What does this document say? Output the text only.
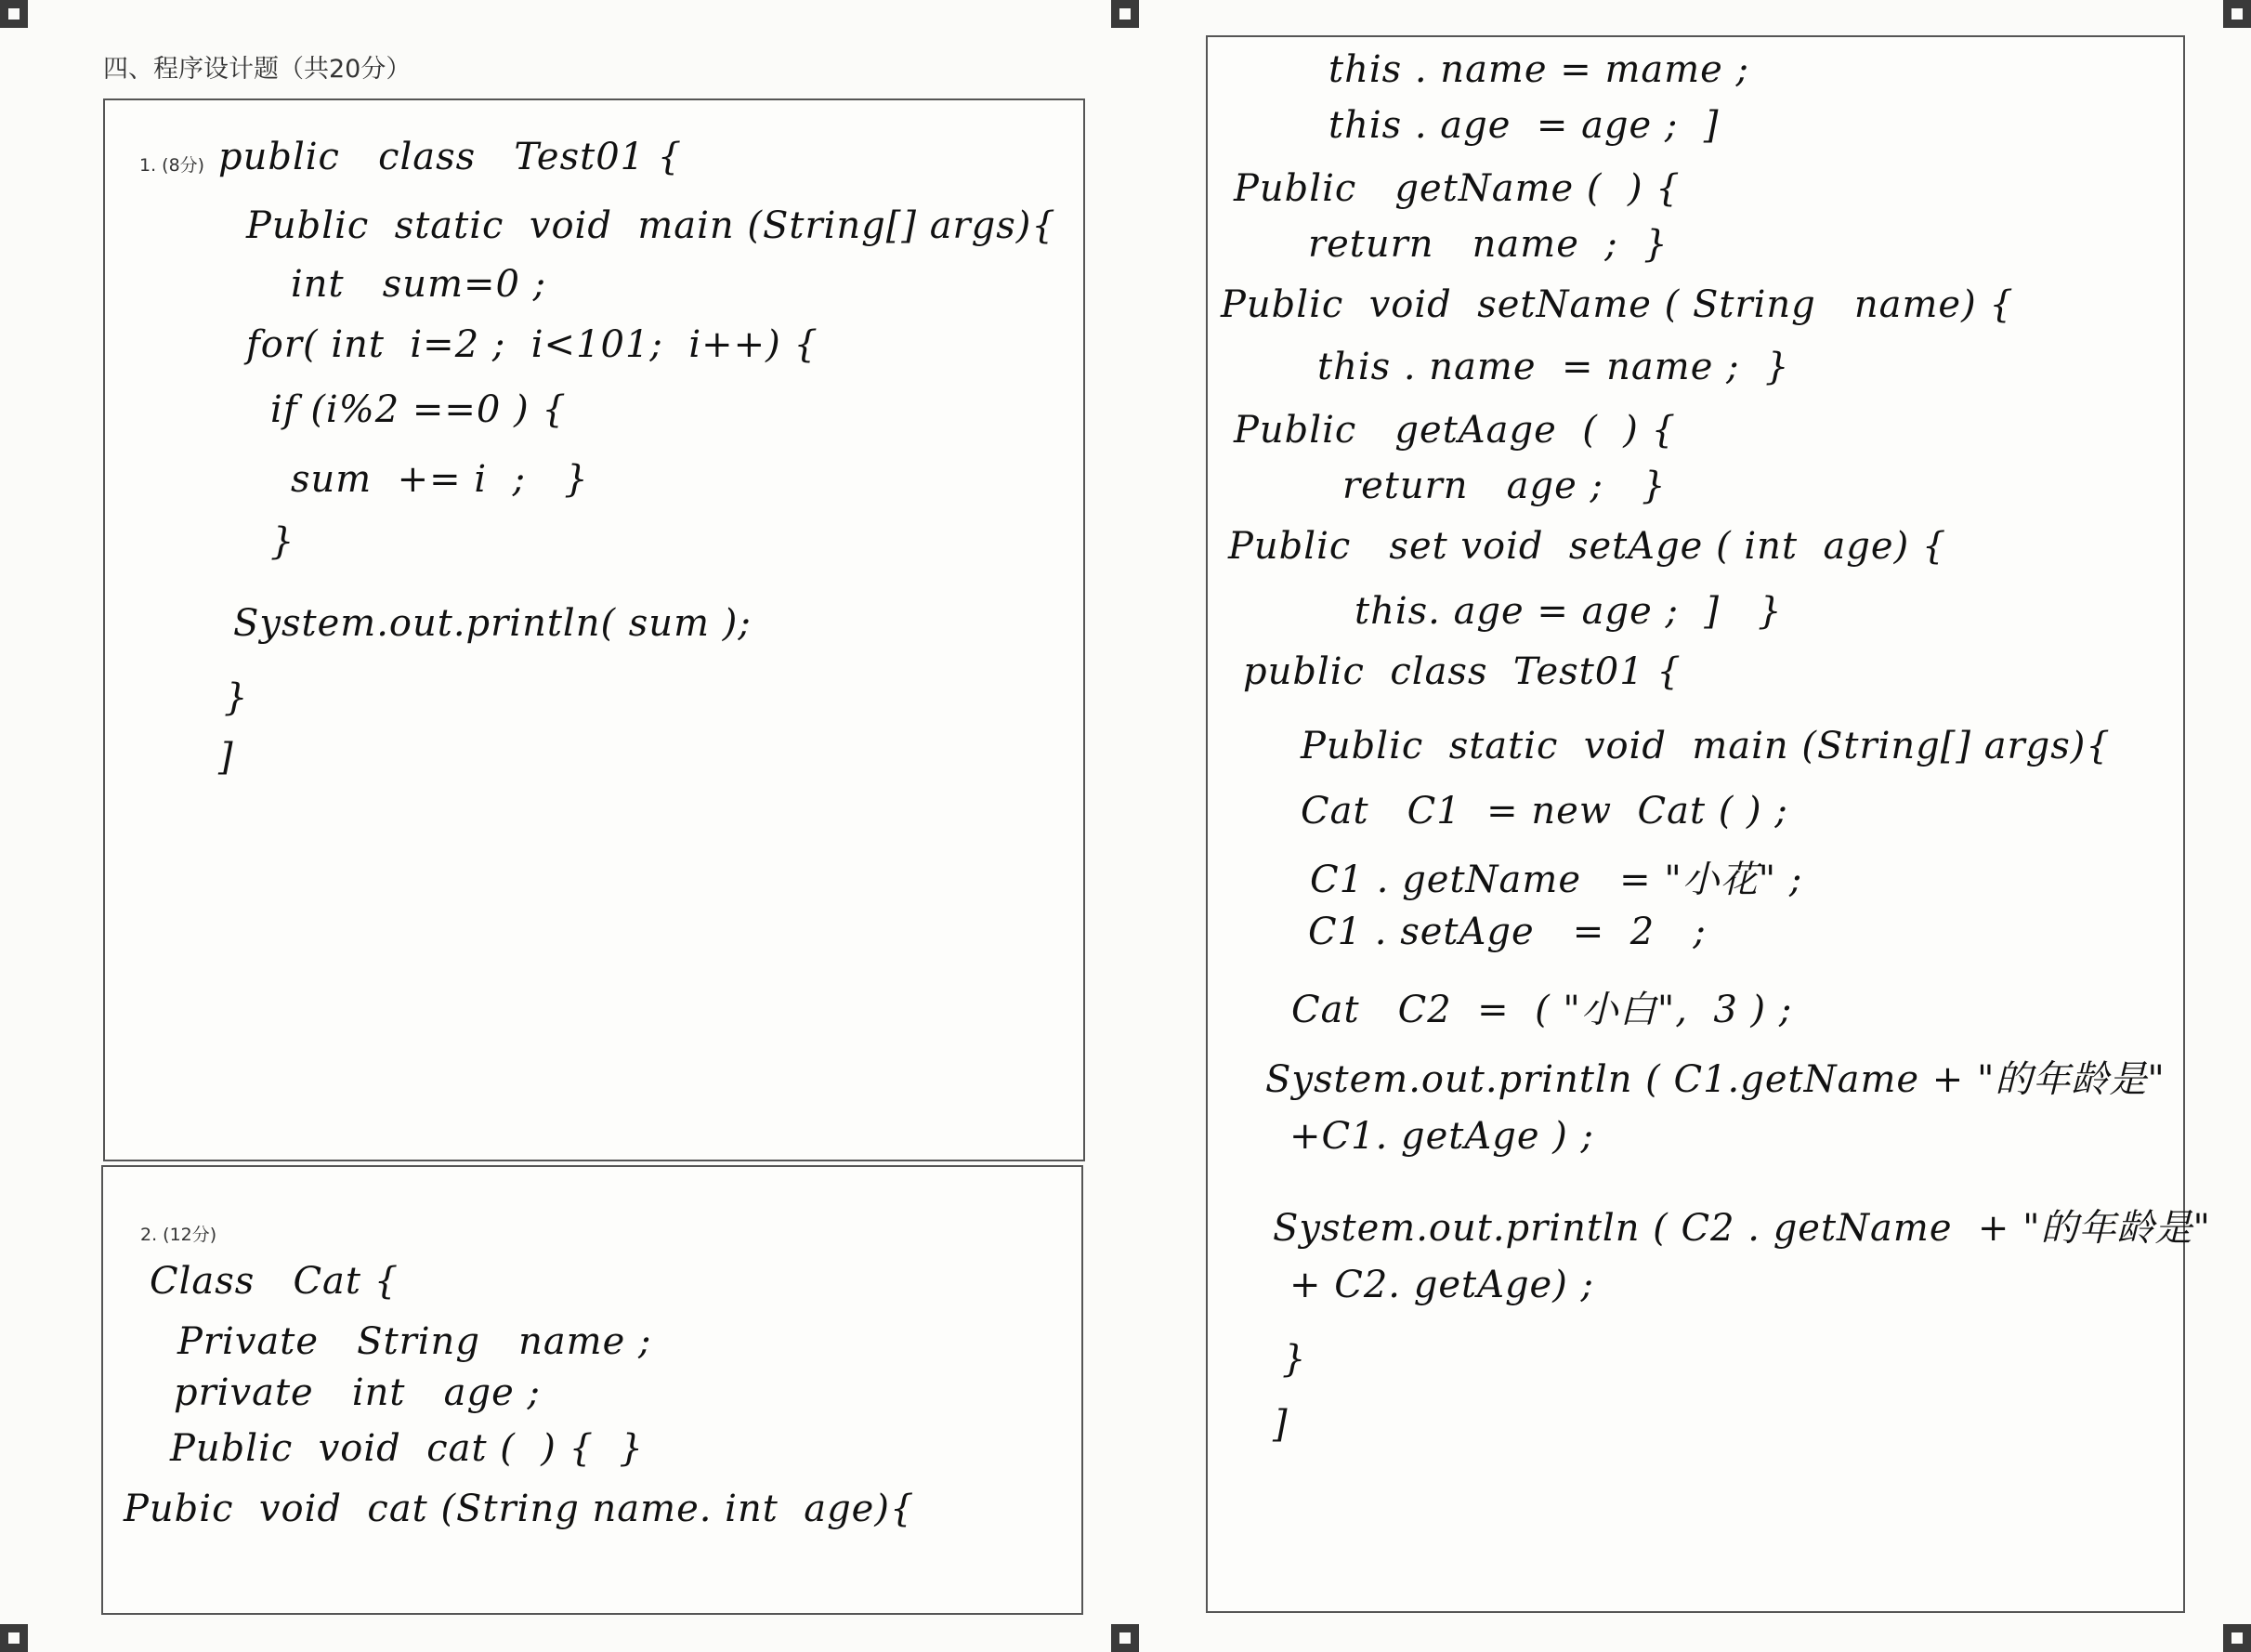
四、程序设计题（共20分）
1. (8分) public   class   Test01 {
Public  static  void  main (String[] args){
int   sum=0 ;
for( int  i=2 ;  i<101;  i++) {
if (i%2 ==0 ) {
sum  += i  ;   }
}
System.out.println( sum );
}
]
2. (12分)
Class   Cat {
Private   String   name ;
private   int   age ;
Public  void  cat (  ) {  }
Pubic  void  cat (String name. int  age){
this . name = mame ;
this . age  = age ;  ]
Public   getName (  ) {
return   name  ;  }
Public  void  setName ( String   name) {
this . name  = name ;  }
Public   getAage  (  ) {
return   age ;   }
Public   set void  setAge ( int  age) {
this. age = age ;  ]   }
public  class  Test01 {
Public  static  void  main (String[] args){
Cat   C1  = new  Cat ( ) ;
C1 . getName   = "小花" ;
C1 . setAge   =  2   ;
Cat   C2  =  ( "小白",  3 ) ;
System.out.println ( C1.getName + "的年龄是"
+C1. getAge ) ;
System.out.println ( C2 . getName  + "的年龄是"
+ C2. getAge) ;
}
]
